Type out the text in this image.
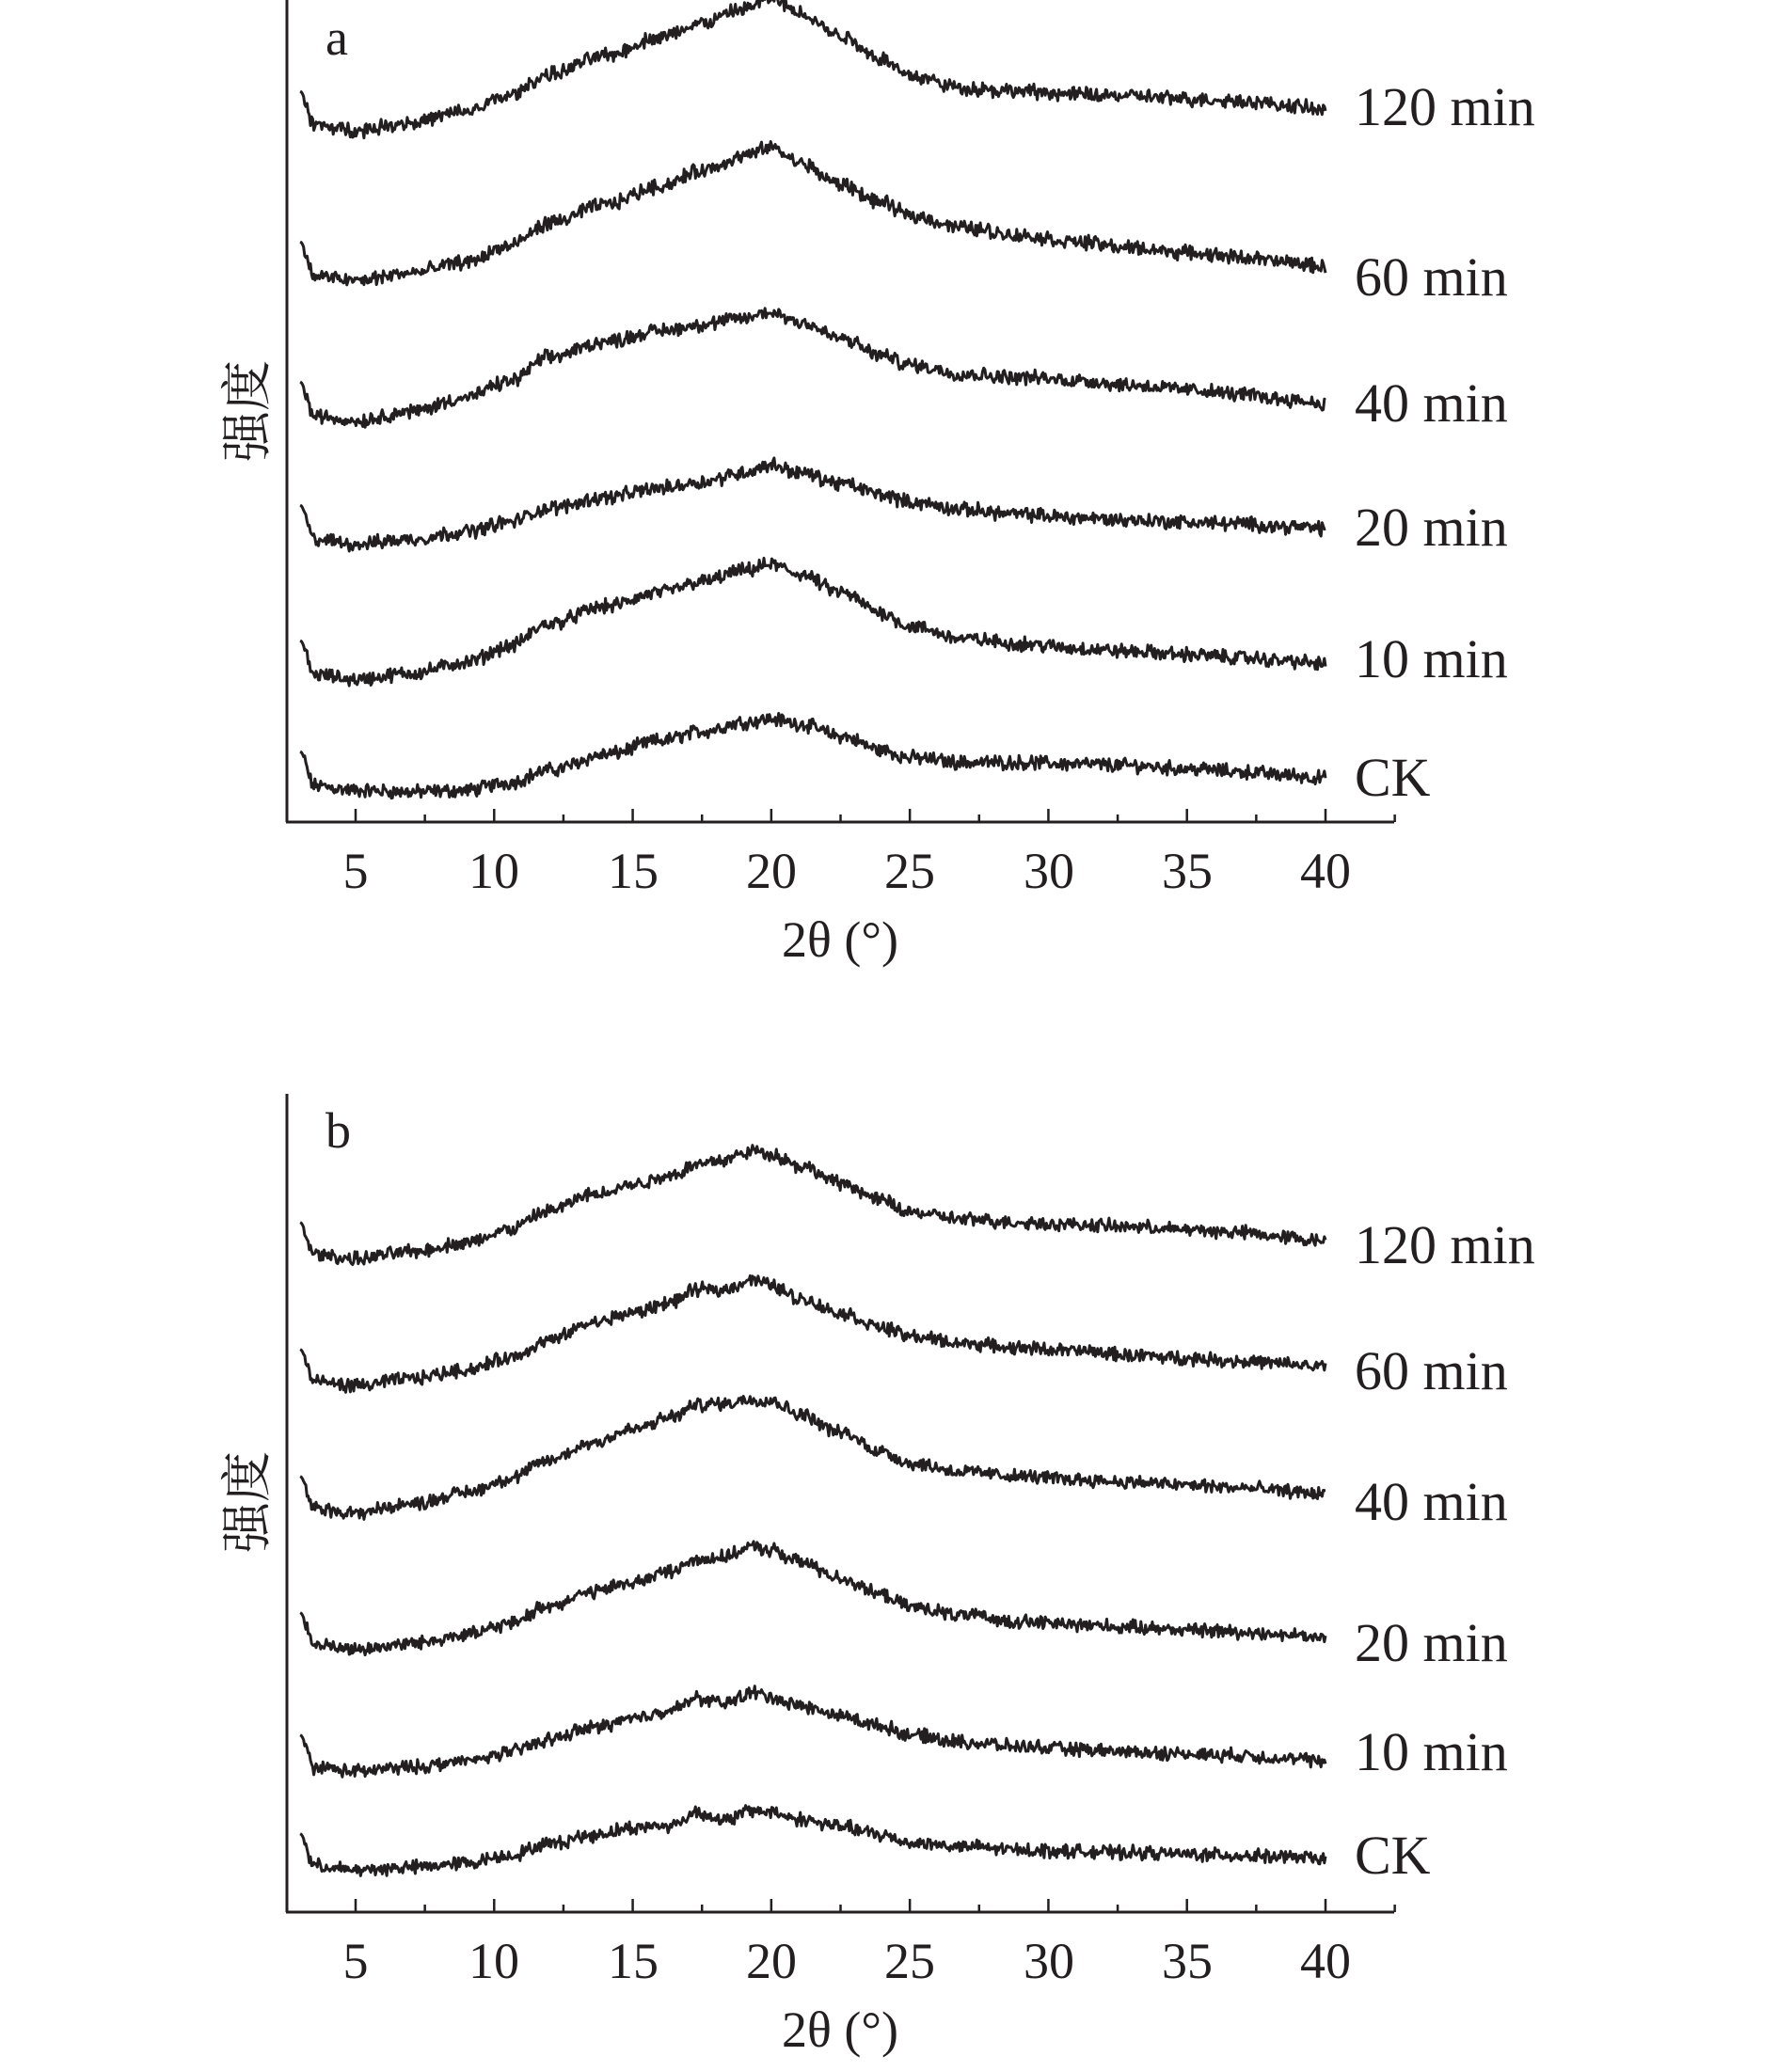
a
5 10 15 20 25 30 35 40
2θ (°)
强度
120 min
60 min
40 min
20 min
10 min
CK
b
5 10 15 20 25 30 35 40
2θ (°)
强度
120 min
60 min
40 min
20 min
10 min
CK
